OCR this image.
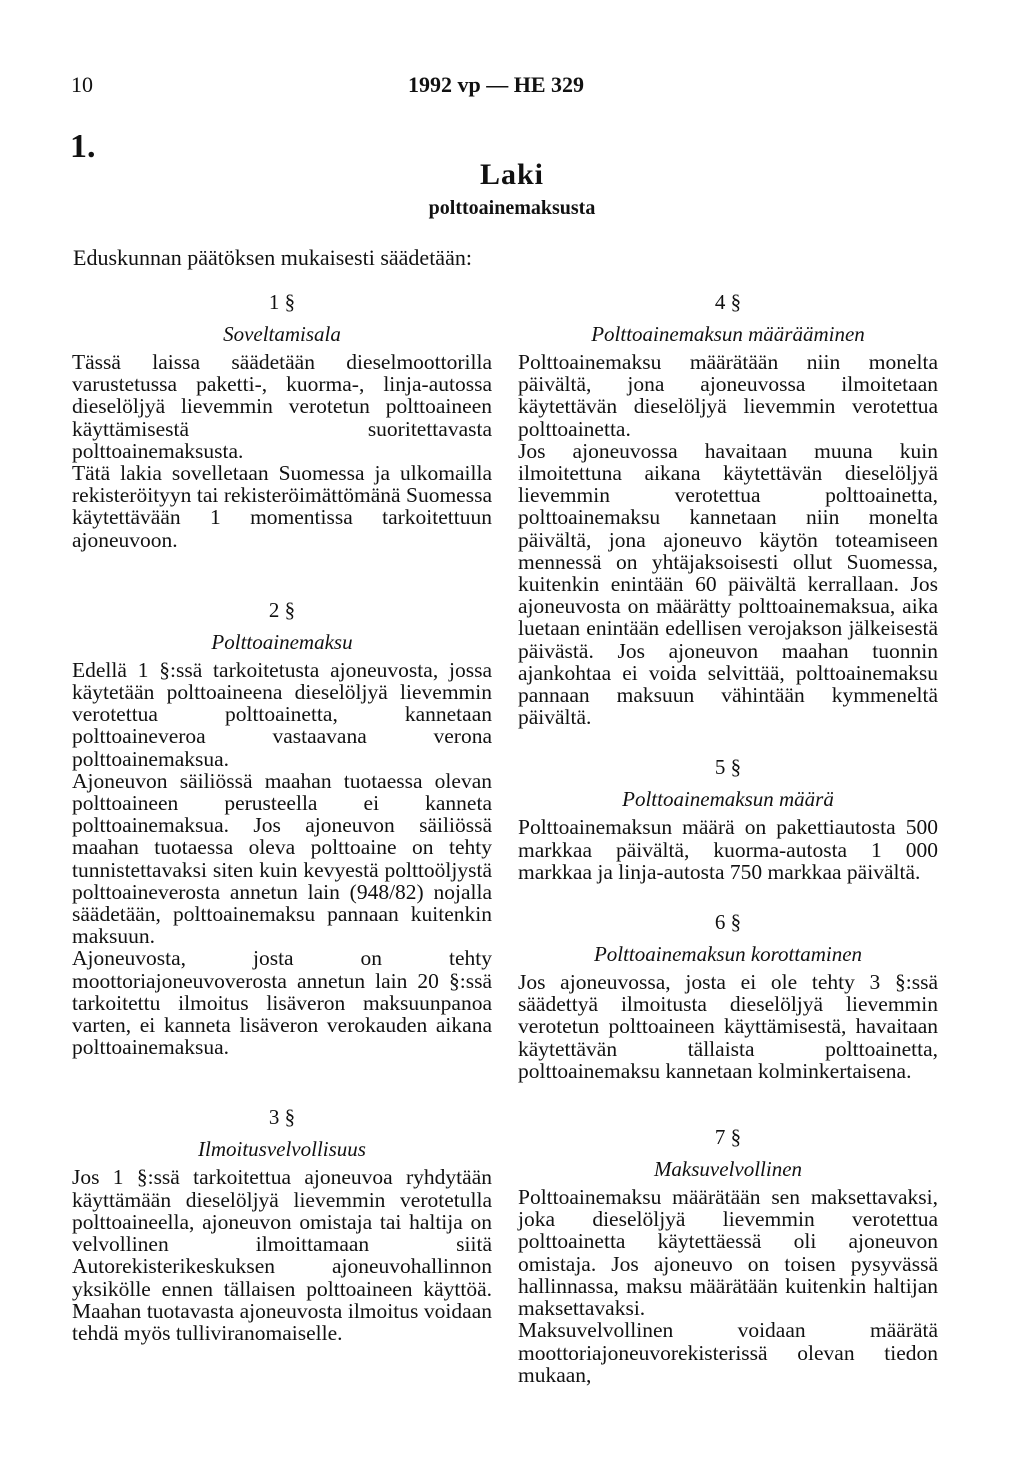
10	1992 vp — HE 329
1.
Laki
polttoainemaksusta
Eduskunnan päätöksen mukaisesti säädetään:
1 §
Soveltamisala

Tässä laissa säädetään dieselmoottorilla varustetussa paketti-, kuorma-, linja-autossa dieselöljyä lievemmin verotetun polttoaineen käyttämisestä suoritettavasta polttoainemaksusta.

Tätä lakia sovelletaan Suomessa ja ulkomailla rekisteröityyn tai rekisteröimättömänä Suomessa käytettävään 1 momentissa tarkoitettuun ajoneuvoon.

2 §
Polttoainemaksu

Edellä 1 §:ssä tarkoitetusta ajoneuvosta, jossa käytetään polttoaineena dieselöljyä lievemmin verotettua polttoainetta, kannetaan polttoaineveroa vastaavana verona polttoainemaksua.

Ajoneuvon säiliössä maahan tuotaessa olevan polttoaineen perusteella ei kanneta polttoainemaksua. Jos ajoneuvon säiliössä maahan tuotaessa oleva polttoaine on tehty tunnistettavaksi siten kuin kevyestä polttoöljystä polttoaineverosta annetun lain (948/82) nojalla säädetään, polttoainemaksu pannaan kuitenkin maksuun.

Ajoneuvosta, josta on tehty moottoriajoneuvoverosta annetun lain 20 §:ssä tarkoitettu ilmoitus lisäveron maksuunpanoa varten, ei kanneta lisäveron verokauden aikana polttoainemaksua.

3 §
Ilmoitusvelvollisuus

Jos 1 §:ssä tarkoitettua ajoneuvoa ryhdytään käyttämään dieselöljyä lievemmin verotetulla polttoaineella, ajoneuvon omistaja tai haltija on velvollinen ilmoittamaan siitä Autorekisterikeskuksen ajoneuvohallinnon yksikölle ennen tällaisen polttoaineen käyttöä. Maahan tuotavasta ajoneuvosta ilmoitus voidaan tehdä myös tulliviranomaiselle.

4 §
Polttoainemaksun määrääminen

Polttoainemaksu määrätään niin monelta päivältä, jona ajoneuvossa ilmoitetaan käytettävän dieselöljyä lievemmin verotettua polttoainetta.

Jos ajoneuvossa havaitaan muuna kuin ilmoitettuna aikana käytettävän dieselöljyä lievemmin verotettua polttoainetta, polttoainemaksu kannetaan niin monelta päivältä, jona ajoneuvo käytön toteamiseen mennessä on yhtäjaksoisesti ollut Suomessa, kuitenkin enintään 60 päivältä kerrallaan. Jos ajoneuvosta on määrätty polttoainemaksua, aika luetaan enintään edellisen verojakson jälkeisestä päivästä. Jos ajoneuvon maahan tuonnin ajankohtaa ei voida selvittää, polttoainemaksu pannaan maksuun vähintään kymmeneltä päivältä.

5 §
Polttoainemaksun määrä

Polttoainemaksun määrä on pakettiautosta 500 markkaa päivältä, kuorma-autosta 1 000 markkaa ja linja-autosta 750 markkaa päivältä.

6 §
Polttoainemaksun korottaminen

Jos ajoneuvossa, josta ei ole tehty 3 §:ssä säädettyä ilmoitusta dieselöljyä lievemmin verotetun polttoaineen käyttämisestä, havaitaan käytettävän tällaista polttoainetta, polttoainemaksu kannetaan kolminkertaisena.

7 §
Maksuvelvollinen

Polttoainemaksu määrätään sen maksettavaksi, joka dieselöljyä lievemmin verotettua polttoainetta käytettäessä oli ajoneuvon omistaja. Jos ajoneuvo on toisen pysyvässä hallinnassa, maksu määrätään kuitenkin haltijan maksettavaksi.

Maksuvelvollinen voidaan määrätä moottoriajoneuvorekisterissä olevan tiedon mukaan,
